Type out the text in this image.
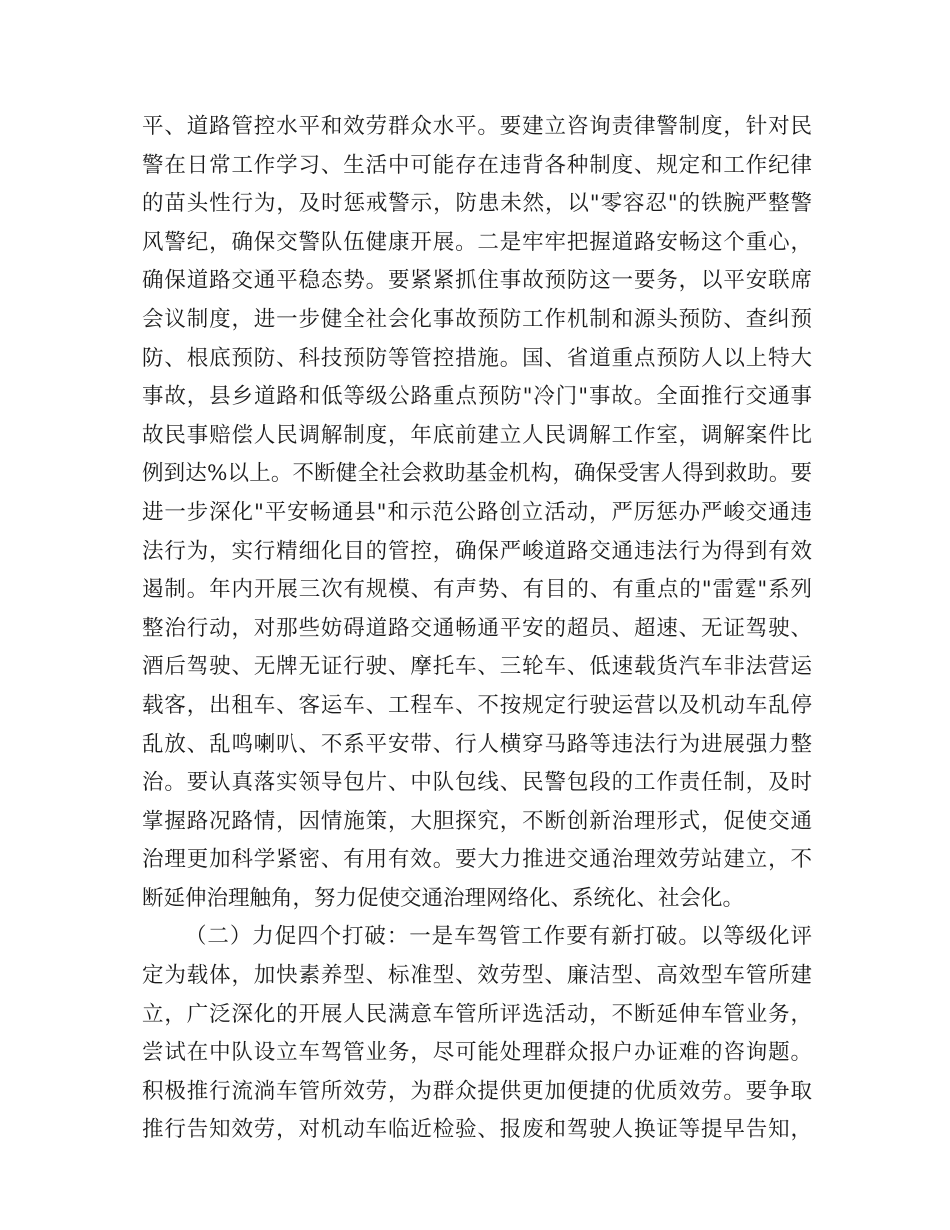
平、道路管控水平和效劳群众水平。要建立咨询责律警制度，针对民
警在日常工作学习、生活中可能存在违背各种制度、规定和工作纪律
的苗头性行为，及时惩戒警示，防患未然，以"零容忍"的铁腕严整警
风警纪，确保交警队伍健康开展。二是牢牢把握道路安畅这个重心，
确保道路交通平稳态势。要紧紧抓住事故预防这一要务，以平安联席
会议制度，进一步健全社会化事故预防工作机制和源头预防、查纠预
防、根底预防、科技预防等管控措施。国、省道重点预防人以上特大
事故，县乡道路和低等级公路重点预防"冷门"事故。全面推行交通事
故民事赔偿人民调解制度，年底前建立人民调解工作室，调解案件比
例到达%以上。不断健全社会救助基金机构，确保受害人得到救助。要
进一步深化"平安畅通县"和示范公路创立活动，严厉惩办严峻交通违
法行为，实行精细化目的管控，确保严峻道路交通违法行为得到有效
遏制。年内开展三次有规模、有声势、有目的、有重点的"雷霆"系列
整治行动，对那些妨碍道路交通畅通平安的超员、超速、无证驾驶、
酒后驾驶、无牌无证行驶、摩托车、三轮车、低速载货汽车非法营运
载客，出租车、客运车、工程车、不按规定行驶运营以及机动车乱停
乱放、乱鸣喇叭、不系平安带、行人横穿马路等违法行为进展强力整
治。要认真落实领导包片、中队包线、民警包段的工作责任制，及时
掌握路况路情，因情施策，大胆探究，不断创新治理形式，促使交通
治理更加科学紧密、有用有效。要大力推进交通治理效劳站建立，不
断延伸治理触角，努力促使交通治理网络化、系统化、社会化。
（二）力促四个打破：一是车驾管工作要有新打破。以等级化评
定为载体，加快素养型、标准型、效劳型、廉洁型、高效型车管所建
立，广泛深化的开展人民满意车管所评选活动，不断延伸车管业务，
尝试在中队设立车驾管业务，尽可能处理群众报户办证难的咨询题。
积极推行流淌车管所效劳，为群众提供更加便捷的优质效劳。要争取
推行告知效劳，对机动车临近检验、报废和驾驶人换证等提早告知，
